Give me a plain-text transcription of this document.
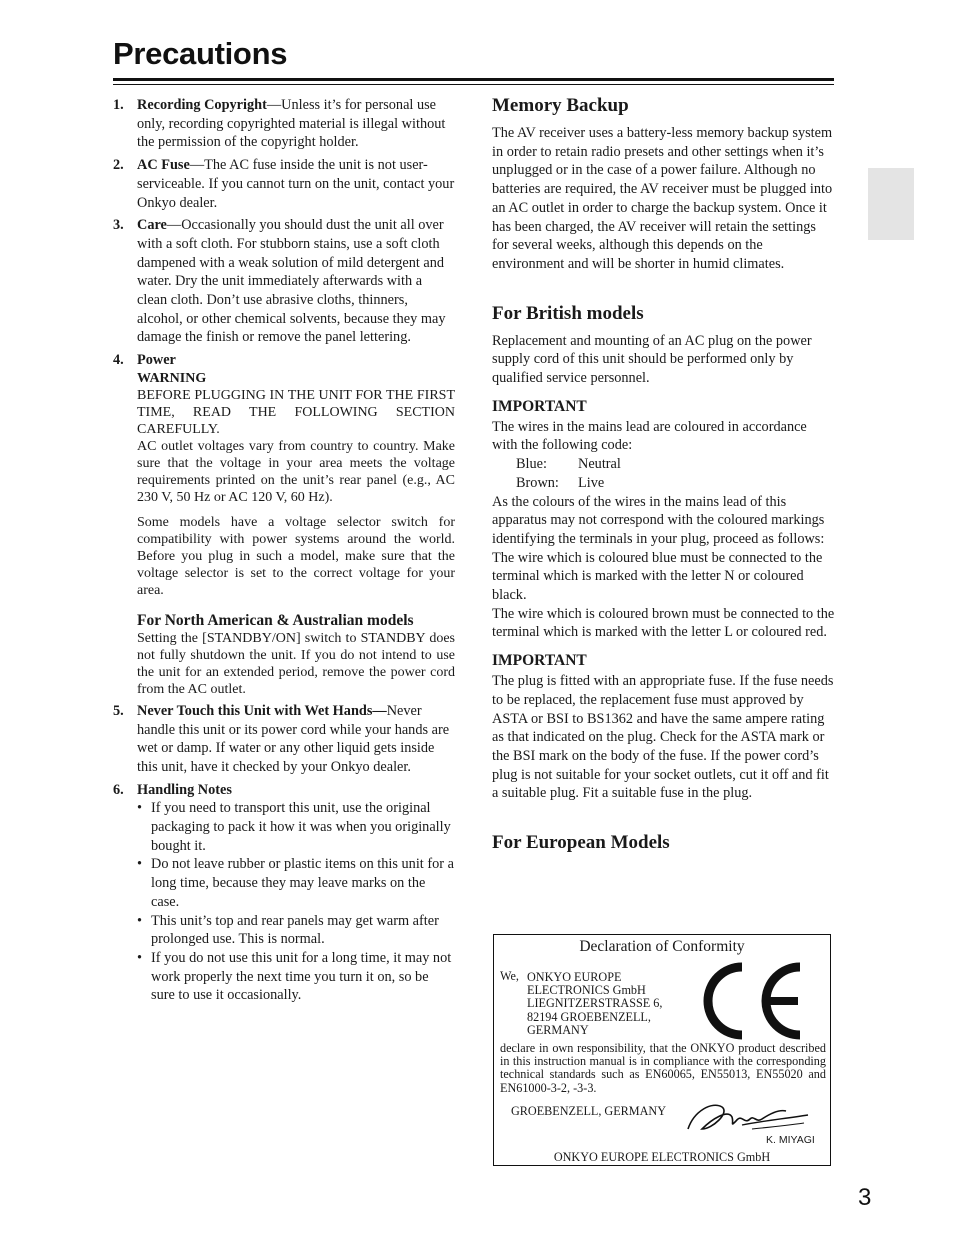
Precautions
3
1. Recording Copyright—Unless it’s for personal use only, recording copyrighted material is illegal without the permission of the copyright holder.
2. AC Fuse—The AC fuse inside the unit is not user-serviceable. If you cannot turn on the unit, contact your Onkyo dealer.
3. Care—Occasionally you should dust the unit all over with a soft cloth. For stubborn stains, use a soft cloth dampened with a weak solution of mild detergent and water. Dry the unit immediately afterwards with a clean cloth. Don’t use abrasive cloths, thinners, alcohol, or other chemical solvents, because they may damage the finish or remove the panel lettering.
4. Power
WARNING
BEFORE PLUGGING IN THE UNIT FOR THE FIRST TIME, READ THE FOLLOWING SECTION CAREFULLY.
AC outlet voltages vary from country to country. Make sure that the voltage in your area meets the voltage requirements printed on the unit’s rear panel (e.g., AC 230 V, 50 Hz or AC 120 V, 60 Hz).
Some models have a voltage selector switch for compatibility with power systems around the world. Before you plug in such a model, make sure that the voltage selector is set to the correct voltage for your area.
For North American & Australian models
Setting the [STANDBY/ON] switch to STANDBY does not fully shutdown the unit. If you do not intend to use the unit for an extended period, remove the power cord from the AC outlet.
5. Never Touch this Unit with Wet Hands—Never handle this unit or its power cord while your hands are wet or damp. If water or any other liquid gets inside this unit, have it checked by your Onkyo dealer.
6. Handling Notes
• If you need to transport this unit, use the original packaging to pack it how it was when you originally bought it.
• Do not leave rubber or plastic items on this unit for a long time, because they may leave marks on the case.
• This unit’s top and rear panels may get warm after prolonged use. This is normal.
• If you do not use this unit for a long time, it may not work properly the next time you turn it on, so be sure to use it occasionally.
Memory Backup
The AV receiver uses a battery-less memory backup system in order to retain radio presets and other settings when it’s unplugged or in the case of a power failure. Although no batteries are required, the AV receiver must be plugged into an AC outlet in order to charge the backup system. Once it has been charged, the AV receiver will retain the settings for several weeks, although this depends on the environment and will be shorter in humid climates.
For British models
Replacement and mounting of an AC plug on the power supply cord of this unit should be performed only by qualified service personnel.
IMPORTANT
The wires in the mains lead are coloured in accordance with the following code:
Blue:	Neutral
Brown:	Live
As the colours of the wires in the mains lead of this apparatus may not correspond with the coloured markings identifying the terminals in your plug, proceed as follows:
The wire which is coloured blue must be connected to the terminal which is marked with the letter N or coloured black.
The wire which is coloured brown must be connected to the terminal which is marked with the letter L or coloured red.
IMPORTANT
The plug is fitted with an appropriate fuse. If the fuse needs to be replaced, the replacement fuse must approved by ASTA or BSI to BS1362 and have the same ampere rating as that indicated on the plug. Check for the ASTA mark or the BSI mark on the body of the fuse. If the power cord’s plug is not suitable for your socket outlets, cut it off and fit a suitable plug. Fit a suitable fuse in the plug.
For European Models
Declaration of Conformity
We, ONKYO EUROPE
ELECTRONICS GmbH
LIEGNITZERSTRASSE 6,
82194 GROEBENZELL,
GERMANY
declare in own responsibility, that the ONKYO product described in this instruction manual is in compliance with the corresponding technical standards such as EN60065, EN55013, EN55020 and EN61000-3-2, -3-3.
GROEBENZELL, GERMANY
K. MIYAGI
ONKYO EUROPE ELECTRONICS GmbH
